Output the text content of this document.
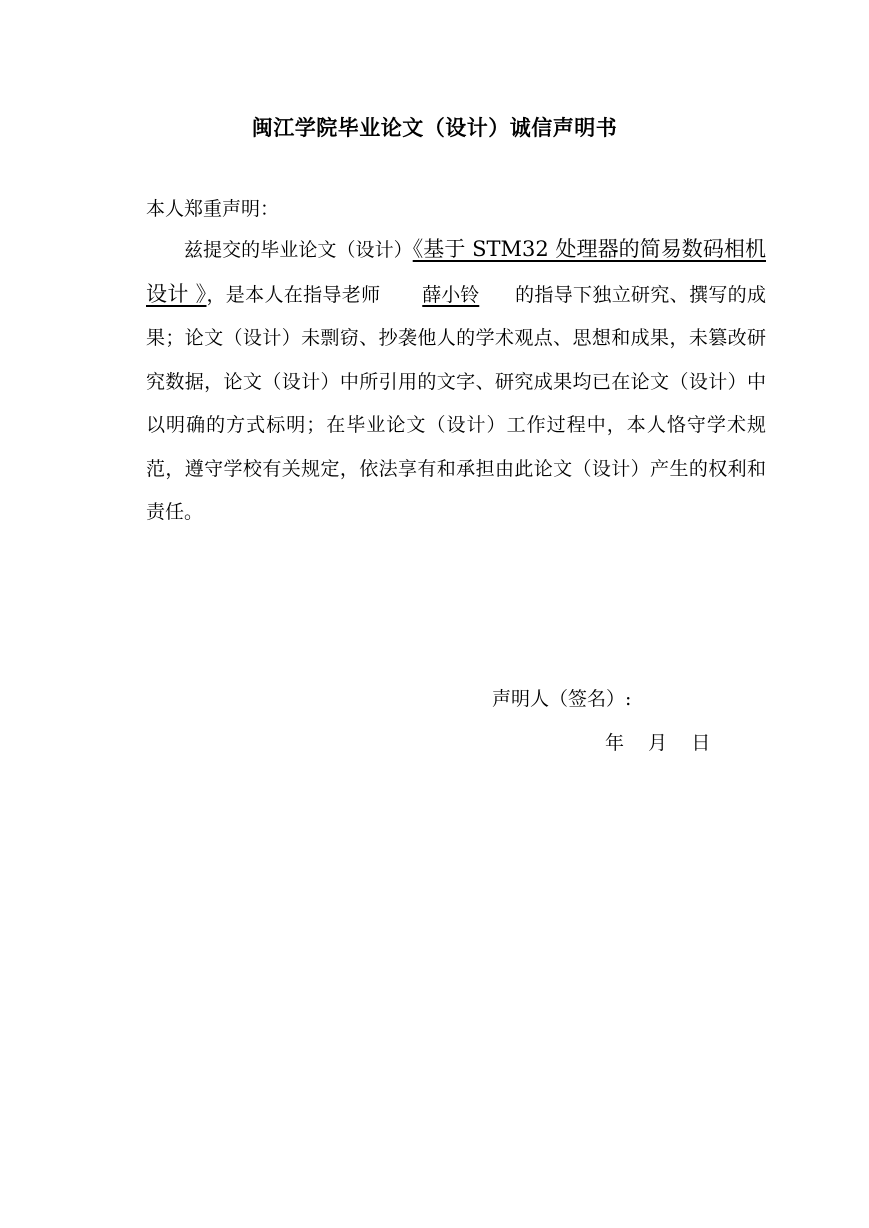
闽江学院毕业论文（设计）诚信声明书
本人郑重声明：
兹提交的毕业论文（设计）《基于 STM32 处理器的简易数码相机设计 》，是本人在指导老师 薛小铃 的指导下独立研究、撰写的成果；论文（设计）未剽窃、抄袭他人的学术观点、思想和成果，未篡改研究数据，论文（设计）中所引用的文字、研究成果均已在论文（设计）中以明确的方式标明；在毕业论文（设计）工作过程中，本人恪守学术规范，遵守学校有关规定，依法享有和承担由此论文（设计）产生的权利和责任。
声明人（签名）:
年    月    日
